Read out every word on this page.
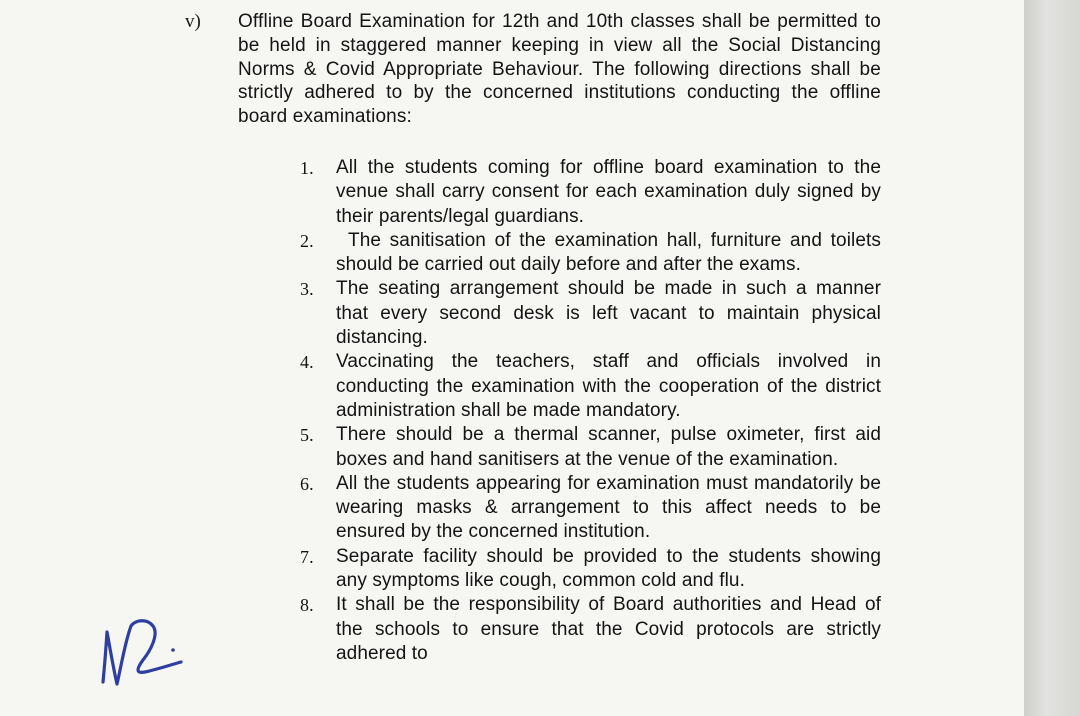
v) Offline Board Examination for 12th and 10th classes shall be permitted to be held in staggered manner keeping in view all the Social Distancing Norms & Covid Appropriate Behaviour. The following directions shall be strictly adhered to by the concerned institutions conducting the offline board examinations:
1.	All the students coming for offline board examination to the venue shall carry consent for each examination duly signed by their parents/legal guardians.
2.	The sanitisation of the examination hall, furniture and toilets should be carried out daily before and after the exams.
3.	The seating arrangement should be made in such a manner that every second desk is left vacant to maintain physical distancing.
4.	Vaccinating the teachers, staff and officials involved in conducting the examination with the cooperation of the district administration shall be made mandatory.
5.	There should be a thermal scanner, pulse oximeter, first aid boxes and hand sanitisers at the venue of the examination.
6.	All the students appearing for examination must mandatorily be wearing masks & arrangement to this affect needs to be ensured by the concerned institution.
7.	Separate facility should be provided to the students showing any symptoms like cough, common cold and flu.
8.	It shall be the responsibility of Board authorities and Head of the schools to ensure that the Covid protocols are strictly adhered to
